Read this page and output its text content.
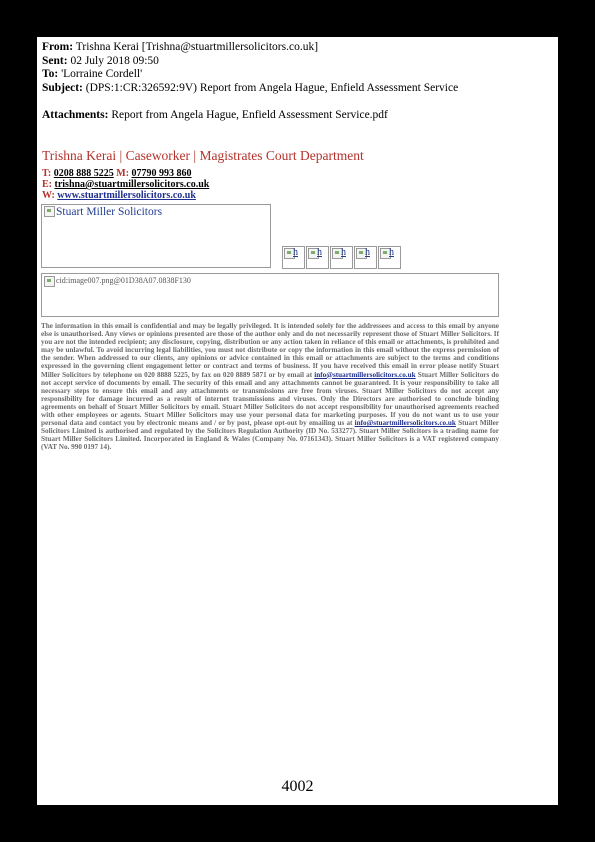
From: Trishna Kerai [Trishna@stuartmillersolicitors.co.uk]
Sent: 02 July 2018 09:50
To: 'Lorraine Cordell'
Subject: (DPS:1:CR:326592:9V) Report from Angela Hague, Enfield Assessment Service
Attachments: Report from Angela Hague, Enfield Assessment Service.pdf
Trishna Kerai | Caseworker | Magistrates Court Department
T: 0208 888 5225 M: 07790 993 860
E: trishna@stuartmillersolicitors.co.uk
W: www.stuartmillersolicitors.co.uk
Stuart Miller Solicitors
h h h h h
cid:image007.png@01D38A07.0838F130
The information in this email is confidential and may be legally privileged. It is intended solely for the addressees and access to this email by anyone else is unauthorised. Any views or opinions presented are those of the author only and do not necessarily represent those of Stuart Miller Solicitors. If you are not the intended recipient; any disclosure, copying, distribution or any action taken in reliance of this email or attachments, is prohibited and may be unlawful. To avoid incurring legal liabilities, you must not distribute or copy the information in this email without the express permission of the sender. When addressed to our clients, any opinions or advice contained in this email or attachments are subject to the terms and conditions expressed in the governing client engagement letter or contract and terms of business. If you have received this email in error please notify Stuart Miller Solicitors by telephone on 020 8888 5225, by fax on 020 8889 5871 or by email at info@stuartmillersolicitors.co.uk Stuart Miller Solicitors do not accept service of documents by email. The security of this email and any attachments cannot be guaranteed. It is your responsibility to take all necessary steps to ensure this email and any attachments or transmissions are free from viruses. Stuart Miller Solicitors do not accept any responsibility for damage incurred as a result of internet transmissions and viruses. Only the Directors are authorised to conclude binding agreements on behalf of Stuart Miller Solicitors by email. Stuart Miller Solicitors do not accept responsibility for unauthorised agreements reached with other employees or agents. Stuart Miller Solicitors may use your personal data for marketing purposes. If you do not want us to use your personal data and contact you by electronic means and / or by post, please opt-out by emailing us at info@stuartmillersolicitors.co.uk Stuart Miller Solicitors Limited is authorised and regulated by the Solicitors Regulation Authority (ID No. 533277). Stuart Miller Solicitors is a trading name for Stuart Miller Solicitors Limited. Incorporated in England & Wales (Company No. 07161343). Stuart Miller Solicitors is a VAT registered company (VAT No. 990 0197 14).
4002
